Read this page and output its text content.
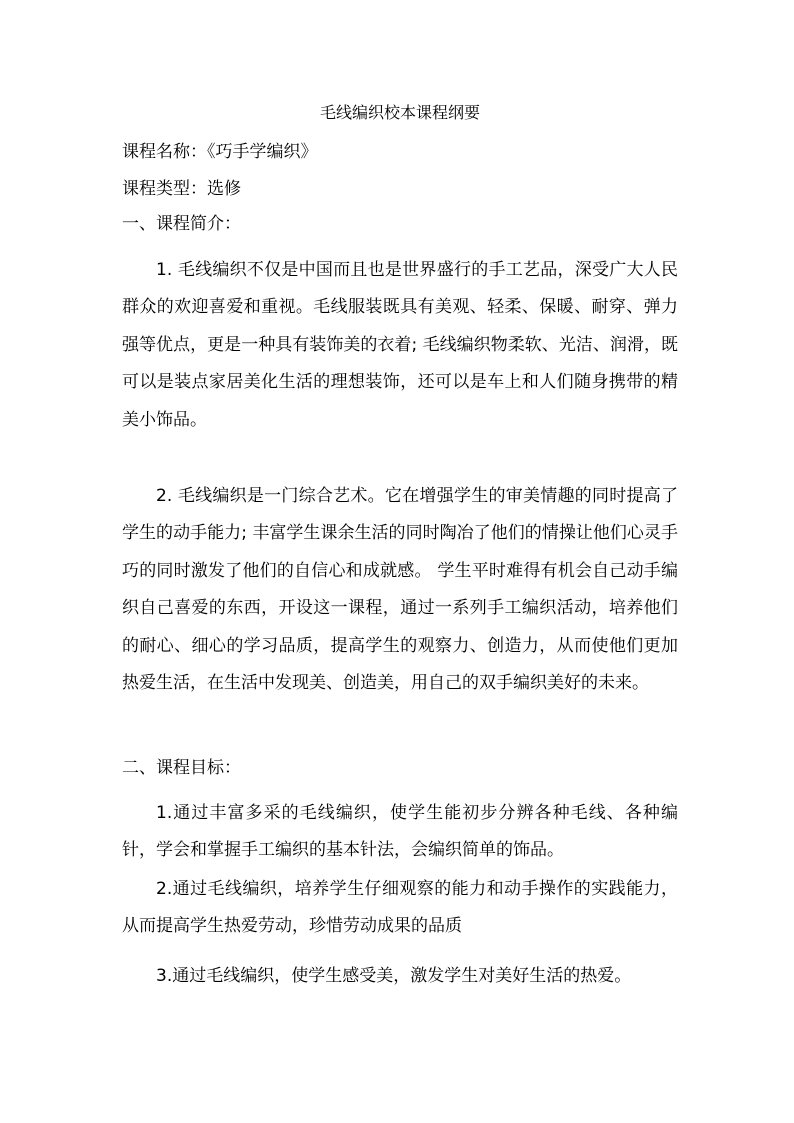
毛线编织校本课程纲要
课程名称：《巧手学编织》
课程类型：选修
一、课程简介：
1. 毛线编织不仅是中国而且也是世界盛行的手工艺品，深受广大人民群众的欢迎喜爱和重视。毛线服装既具有美观、轻柔、保暖、耐穿、弹力强等优点，更是一种具有装饰美的衣着; 毛线编织物柔软、光洁、润滑，既可以是装点家居美化生活的理想装饰，还可以是车上和人们随身携带的精美小饰品。
2. 毛线编织是一门综合艺术。它在增强学生的审美情趣的同时提高了学生的动手能力; 丰富学生课余生活的同时陶冶了他们的情操让他们心灵手巧的同时激发了他们的自信心和成就感。 学生平时难得有机会自己动手编织自己喜爱的东西，开设这一课程，通过一系列手工编织活动，培养他们的耐心、细心的学习品质，提高学生的观察力、创造力，从而使他们更加热爱生活，在生活中发现美、创造美，用自己的双手编织美好的未来。
二、课程目标：
1.通过丰富多采的毛线编织，使学生能初步分辨各种毛线、各种编针，学会和掌握手工编织的基本针法，会编织简单的饰品。
2.通过毛线编织，培养学生仔细观察的能力和动手操作的实践能力，从而提高学生热爱劳动，珍惜劳动成果的品质
3.通过毛线编织，使学生感受美，激发学生对美好生活的热爱。
